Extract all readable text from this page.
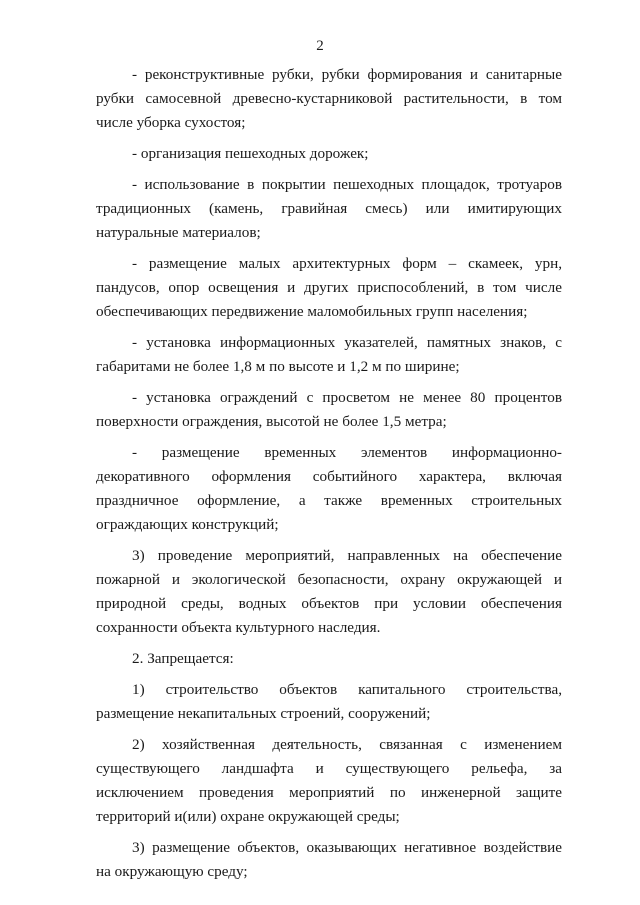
2

- реконструктивные рубки, рубки формирования и санитарные рубки самосевной древесно-кустарниковой растительности, в том числе уборка сухостоя;

- организация пешеходных дорожек;

- использование в покрытии пешеходных площадок, тротуаров традиционных (камень, гравийная смесь) или имитирующих натуральные материалов;

- размещение малых архитектурных форм – скамеек, урн, пандусов, опор освещения и других приспособлений, в том числе обеспечивающих передвижение маломобильных групп населения;

- установка информационных указателей, памятных знаков, с габаритами не более 1,8 м по высоте и 1,2 м по ширине;

- установка ограждений с просветом не менее 80 процентов поверхности ограждения, высотой не более 1,5 метра;

- размещение временных элементов информационно-декоративного оформления событийного характера, включая праздничное оформление, а также временных строительных ограждающих конструкций;

3) проведение мероприятий, направленных на обеспечение пожарной и экологической безопасности, охрану окружающей и природной среды, водных объектов при условии обеспечения сохранности объекта культурного наследия.

2. Запрещается:

1) строительство объектов капитального строительства, размещение некапитальных строений, сооружений;

2) хозяйственная деятельность, связанная с изменением существующего ландшафта и существующего рельефа, за исключением проведения мероприятий по инженерной защите территорий и(или) охране окружающей среды;

3) размещение объектов, оказывающих негативное воздействие на окружающую среду;
